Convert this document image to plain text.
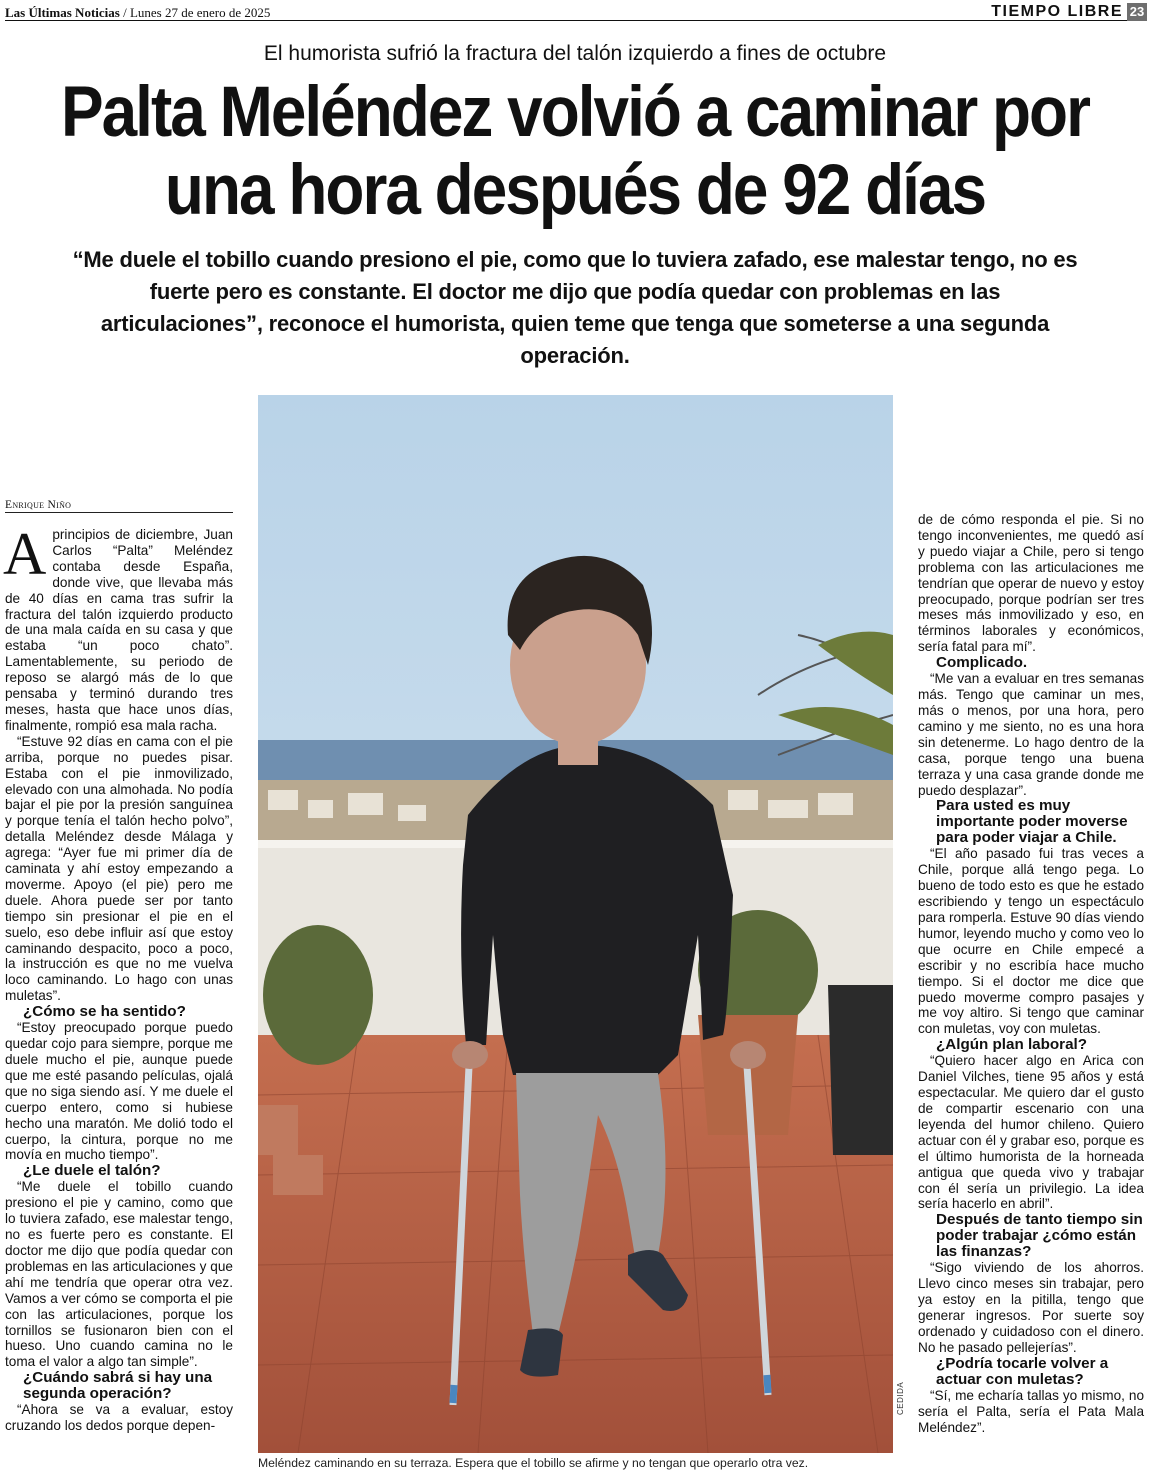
Las Últimas Noticias / Lunes 27 de enero de 2025	TIEMPO LIBRE 23
El humorista sufrió la fractura del talón izquierdo a fines de octubre
Palta Meléndez volvió a caminar por
una hora después de 92 días
“Me duele el tobillo cuando presiono el pie, como que lo tuviera zafado, ese malestar tengo, no es fuerte pero es constante. El doctor me dijo que podía quedar con problemas en las articulaciones”, reconoce el humorista, quien teme que tenga que someterse a una segunda operación.
Enrique Niño

Aprincipios de diciembre, Juan Carlos “Palta” Meléndez contaba desde España, donde vive, que llevaba más de 40 días en cama tras sufrir la fractura del talón izquierdo producto de una mala caída en su casa y que estaba “un poco chato”. Lamentablemente, su periodo de reposo se alargó más de lo que pensaba y terminó durando tres meses, hasta que hace unos días, finalmente, rompió esa mala racha.

“Estuve 92 días en cama con el pie arriba, porque no puedes pisar. Estaba con el pie inmovilizado, elevado con una almohada. No podía bajar el pie por la presión sanguínea y porque tenía el talón hecho polvo”, detalla Meléndez desde Málaga y agrega: “Ayer fue mi primer día de caminata y ahí estoy empezando a moverme. Apoyo (el pie) pero me duele. Ahora puede ser por tanto tiempo sin presionar el pie en el suelo, eso debe influir así que estoy caminando despacito, poco a poco, la instrucción es que no me vuelva loco caminando. Lo hago con unas muletas”.

¿Cómo se ha sentido?

“Estoy preocupado porque puedo quedar cojo para siempre, porque me duele mucho el pie, aunque puede que me esté pasando películas, ojalá que no siga siendo así. Y me duele el cuerpo entero, como si hubiese hecho una maratón. Me dolió todo el cuerpo, la cintura, porque no me movía en mucho tiempo”.

¿Le duele el talón?

“Me duele el tobillo cuando presiono el pie y camino, como que lo tuviera zafado, ese malestar tengo, no es fuerte pero es constante. El doctor me dijo que podía quedar con problemas en las articulaciones y que ahí me tendría que operar otra vez. Vamos a ver cómo se comporta el pie con las articulaciones, porque los tornillos se fusionaron bien con el hueso. Uno cuando camina no le toma el valor a algo tan simple”.

¿Cuándo sabrá si hay una segunda operación?

“Ahora se va a evaluar, estoy cruzando los dedos porque depen-

de de cómo responda el pie. Si no tengo inconvenientes, me quedó así y puedo viajar a Chile, pero si tengo problema con las articulaciones me tendrían que operar de nuevo y estoy preocupado, porque podrían ser tres meses más inmovilizado y eso, en términos laborales y económicos, sería fatal para mí”.

Complicado.

“Me van a evaluar en tres semanas más. Tengo que caminar un mes, más o menos, por una hora, pero camino y me siento, no es una hora sin detenerme. Lo hago dentro de la casa, porque tengo una buena terraza y una casa grande donde me puedo desplazar”.

Para usted es muy importante poder moverse para poder viajar a Chile.

“El año pasado fui tras veces a Chile, porque allá tengo pega. Lo bueno de todo esto es que he estado escribiendo y tengo un espectáculo para romperla. Estuve 90 días viendo humor, leyendo mucho y como veo lo que ocurre en Chile empecé a escribir y no escribía hace mucho tiempo. Si el doctor me dice que puedo moverme compro pasajes y me voy altiro. Si tengo que caminar con muletas, voy con muletas.

¿Algún plan laboral?

“Quiero hacer algo en Arica con Daniel Vilches, tiene 95 años y está espectacular. Me quiero dar el gusto de compartir escenario con una leyenda del humor chileno. Quiero actuar con él y grabar eso, porque es el último humorista de la horneada antigua que queda vivo y trabajar con él sería un privilegio. La idea sería hacerlo en abril”.

Después de tanto tiempo sin poder trabajar ¿cómo están las finanzas?

“Sigo viviendo de los ahorros. Llevo cinco meses sin trabajar, pero ya estoy en la pitilla, tengo que generar ingresos. Por suerte soy ordenado y cuidadoso con el dinero. No he pasado pellejerías”.

¿Podría tocarle volver a actuar con muletas?

“Sí, me echaría tallas yo mismo, no sería el Palta, sería el Pata Mala Meléndez”.

CEDIDA
Meléndez caminando en su terraza. Espera que el tobillo se afirme y no tengan que operarlo otra vez.
